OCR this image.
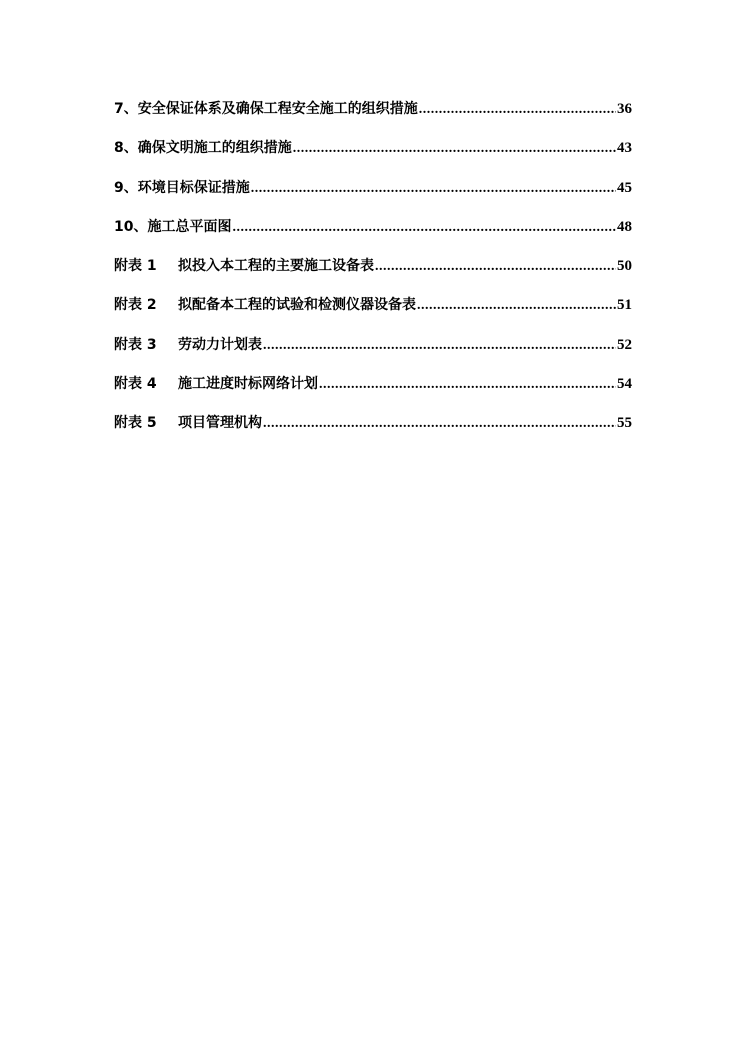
7、安全保证体系及确保工程安全施工的组织措施 .....	36
8、确保文明施工的组织措施 .....	43
9、环境目标保证措施 .....	45
10、施工总平面图 .....	48
附表 1 拟投入本工程的主要施工设备表 .....	50
附表 2 拟配备本工程的试验和检测仪器设备表 .....	51
附表 3 劳动力计划表 .....	52
附表 4 施工进度时标网络计划 .....	54
附表 5 项目管理机构 .....	55
